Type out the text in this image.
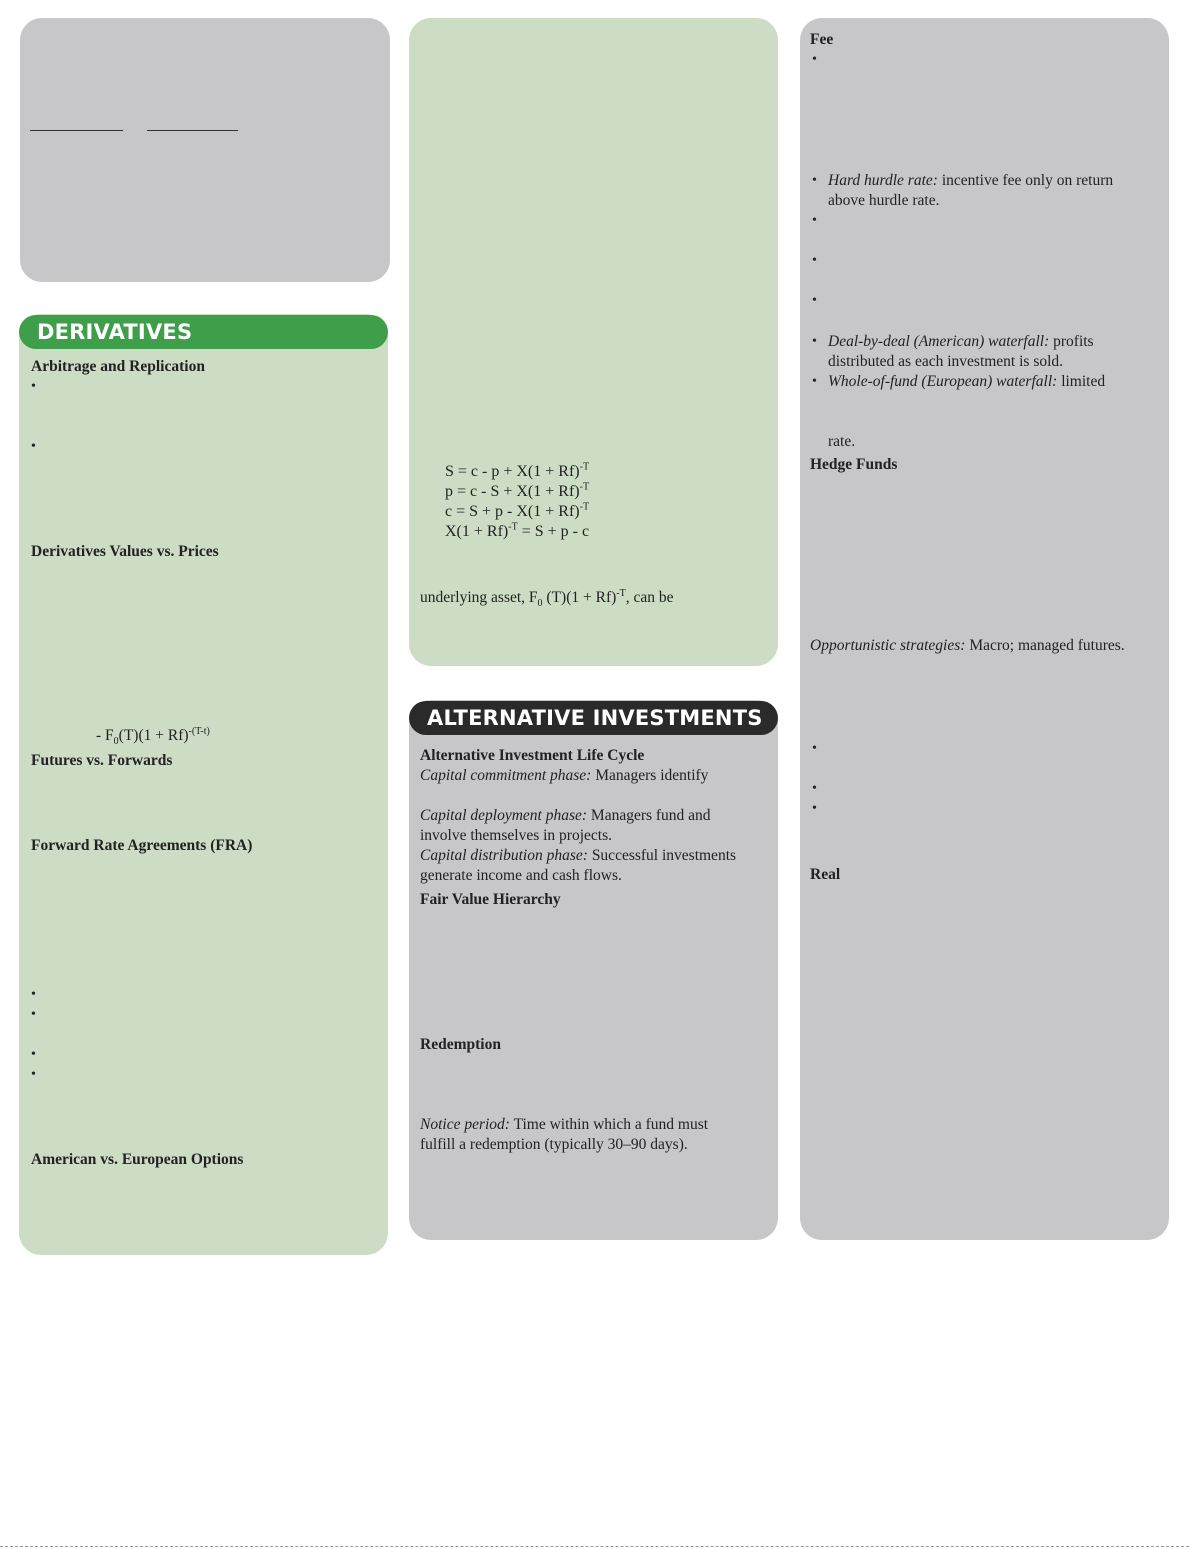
DERIVATIVES
Arbitrage and Replication
•
•
Derivatives Values vs. Prices
- $F_0(T)(1 + Rf)^{-(T-t)}$
Futures vs. Forwards
Forward Rate Agreements (FRA)
•
•
•
•
American vs. European Options
$S = c - p + X(1 + Rf)^{-T}$
$p = c - S + X(1 + Rf)^{-T}$
$c = S + p - X(1 + Rf)^{-T}$
$X(1 + Rf)^{-T} = S + p - c$
underlying asset, $F_0$ $(T)(1 + Rf)^{-T}$, can be
ALTERNATIVE INVESTMENTS
Alternative Investment Life Cycle
Capital commitment phase: Managers identify
Capital deployment phase: Managers fund and
involve themselves in projects.
Capital distribution phase: Successful investments
generate income and cash flows.
Fair Value Hierarchy
Redemption
Notice period: Time within which a fund must
fulfill a redemption (typically 30–90 days).
Fee
•
• Hard hurdle rate: incentive fee only on return
above hurdle rate.
•
•
•
• Deal-by-deal (American) waterfall: profits
distributed as each investment is sold.
• Whole-of-fund (European) waterfall: limited
rate.
Hedge Funds
Opportunistic strategies: Macro; managed futures.
•
•
•
Real
